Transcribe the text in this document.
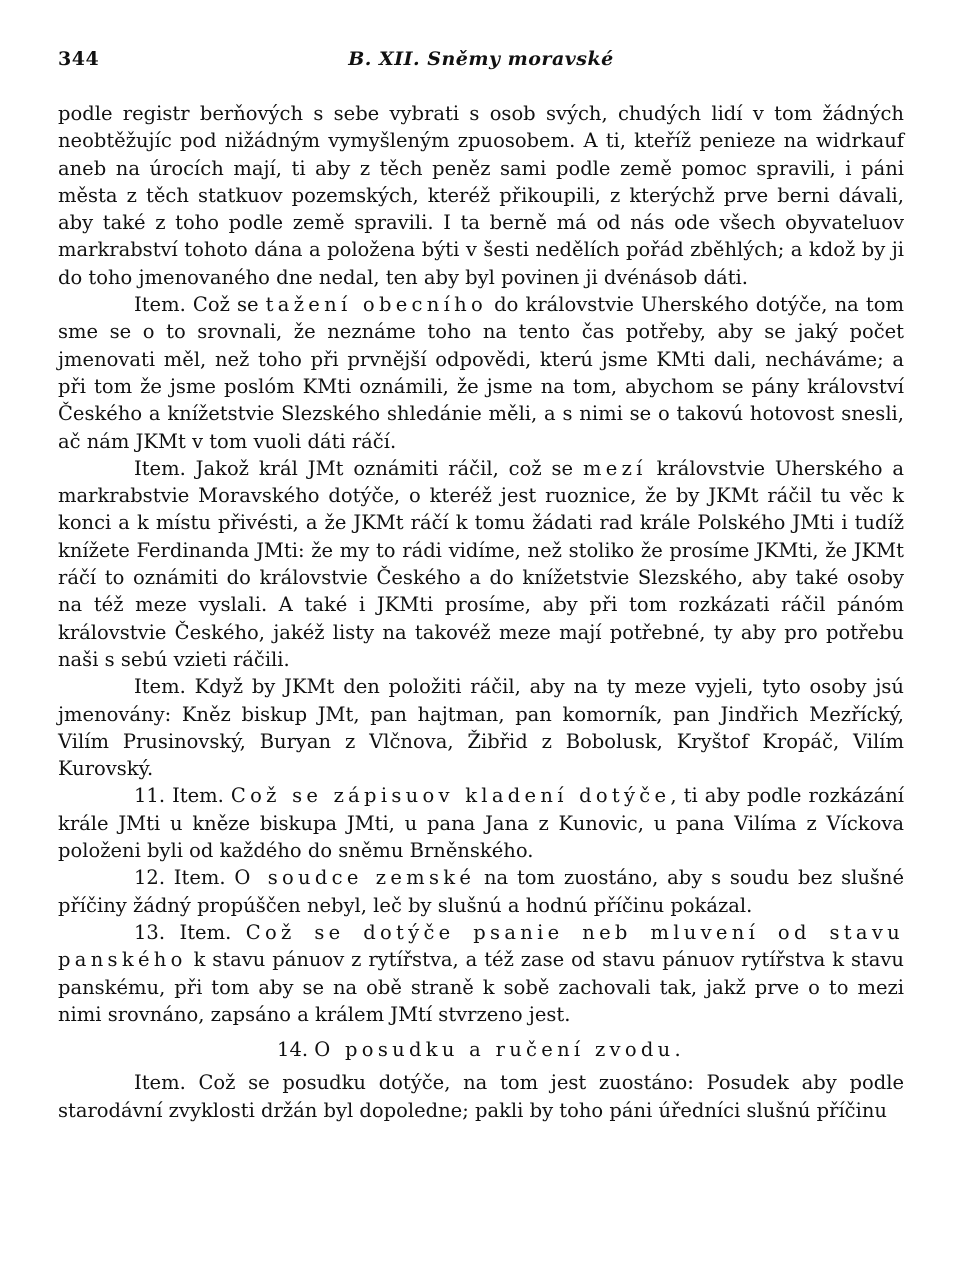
344	B. XII. Sněmy moravské

podle registr berňových s sebe vybrati s osob svých, chudých lidí v tom žádných neobtěžujíc pod nižádným vymyšleným zpuosobem. A ti, kteříž penieze na widrkauf aneb na úrocích mají, ti aby z těch peněz sami podle země pomoc spravili, i páni města z těch statkuov pozemských, kteréž přikoupili, z kterýchž prve berni dávali, aby také z toho podle země spravili. I ta berně má od nás ode všech obyvateluov markrabství tohoto dána a položena býti v šesti nedělích pořád zběhlých; a kdož by ji do toho jmenovaného dne nedal, ten aby byl povinen ji dvénásob dáti.

Item. Což se tažení obecního do královstvie Uherského dotýče, na tom sme se o to srovnali, že neznáme toho na tento čas potřeby, aby se jaký počet jmenovati měl, než toho při prvnější odpovědi, kterú jsme KMti dali, necháváme; a při tom že jsme poslóm KMti oznámili, že jsme na tom, abychom se pány království Českého a knížetstvie Slezského shledánie měli, a s nimi se o takovú hotovost snesli, ač nám JKMt v tom vuoli dáti ráčí.

Item. Jakož král JMt oznámiti ráčil, což se mezí královstvie Uherského a markrabstvie Moravského dotýče, o kteréž jest ruoznice, že by JKMt ráčil tu věc k konci a k místu přivésti, a že JKMt ráčí k tomu žádati rad krále Polského JMti i tudíž knížete Ferdinanda JMti: že my to rádi vidíme, než stoliko že prosíme JKMti, že JKMt ráčí to oznámiti do královstvie Českého a do knížetstvie Slezského, aby také osoby na též meze vyslali. A také i JKMti prosíme, aby při tom rozkázati ráčil pánóm královstvie Českého, jakéž listy na takovéž meze mají potřebné, ty aby pro potřebu naši s sebú vzieti ráčili.

Item. Když by JKMt den položiti ráčil, aby na ty meze vyjeli, tyto osoby jsú jmenovány: Kněz biskup JMt, pan hajtman, pan komorník, pan Jindřich Mezřícký, Vilím Prusinovský, Buryan z Vlčnova, Žibřid z Bobolusk, Kryštof Kropáč, Vilím Kurovský.

11. Item. Což se zápisuov kladení dotýče, ti aby podle rozkázání krále JMti u kněze biskupa JMti, u pana Jana z Kunovic, u pana Vilíma z Víckova položeni byli od každého do sněmu Brněnského.

12. Item. O soudce zemské na tom zuostáno, aby s soudu bez slušné příčiny žádný propúščen nebyl, leč by slušnú a hodnú příčinu pokázal.

13. Item. Což se dotýče psanie neb mluvení od stavu panského k stavu pánuov z rytířstva, a též zase od stavu pánuov rytířstva k stavu panskému, při tom aby se na obě straně k sobě zachovali tak, jakž prve o to mezi nimi srovnáno, zapsáno a králem JMtí stvrzeno jest.

14. O posudku a ručení zvodu.

Item. Což se posudku dotýče, na tom jest zuostáno: Posudek aby podle starodávní zvyklosti držán byl dopoledne; pakli by toho páni úředníci slušnú příčinu
